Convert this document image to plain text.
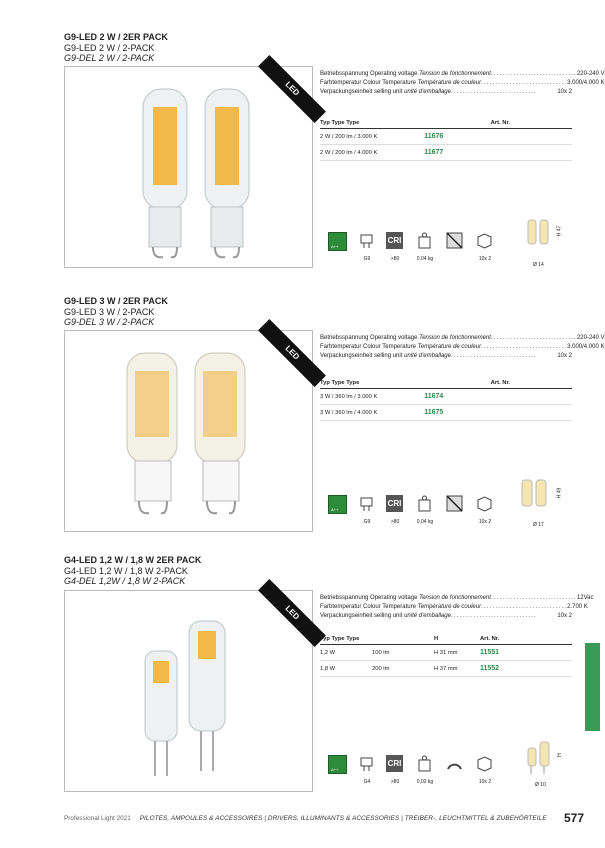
G9-LED 2 W / 2ER PACK
G9-LED 2 W / 2-PACK
G9-DEL 2 W / 2-PACK
LED
Betriebsspannung Operating voltage Tension de fonctionnement .............................. 220-240 V
Farbtemperatur Colour Temperature Température de couleur .............................. 3.000/4.000 K
Verpackungseinheit selling unit unité d'emballage ..............................	10x 2
Typ Type Type	Art. Nr.
2 W / 200 lm / 3.000 K	11676
2 W / 200 lm / 4.000 K	11677
A++
CRI
G9	>80	0,04 kg	10x 2
H 47
Ø 14
G9-LED 3 W / 2ER PACK
G9-LED 3 W / 2-PACK
G9-DEL 3 W / 2-PACK
LED
Betriebsspannung Operating voltage Tension de fonctionnement .............................. 220-240 V
Farbtemperatur Colour Temperature Température de couleur .............................. 3.000/4.000 K
Verpackungseinheit selling unit unité d'emballage ..............................	10x 2
Typ Type Type	Art. Nr.
3 W / 360 lm / 3.000 K	11674
3 W / 360 lm / 4.000 K	11675
A++
CRI
G9	>80	0,04 kg	10x 2
H 49
Ø 17
G4-LED 1,2 W / 1,8 W 2ER PACK
G4-LED 1,2 W / 1,8 W 2-PACK
G4-DEL 1,2W / 1,8 W 2-PACK
LED
Betriebsspannung Operating voltage Tension de fonctionnement .............................. 12Vac
Farbtemperatur Colour Temperature Température de couleur .............................. 2.700 K
Verpackungseinheit selling unit unité d'emballage ..............................	10x 2
Typ Type Type		H	Art. Nr.
1,2 W	100 lm	H 31 mm	11551
1,8 W	200 lm	H 37 mm	11552
A++
CRI
G4	>80	0,02 kg	10x 2
H
Ø 10
Professional Light 2021 PILOTES, AMPOULES & ACCESSOIRES | DRIVERS, ILLUMINANTS & ACCESSORIES | TREIBER-, LEUCHTMITTEL & ZUBEHÖRTEILE 577
